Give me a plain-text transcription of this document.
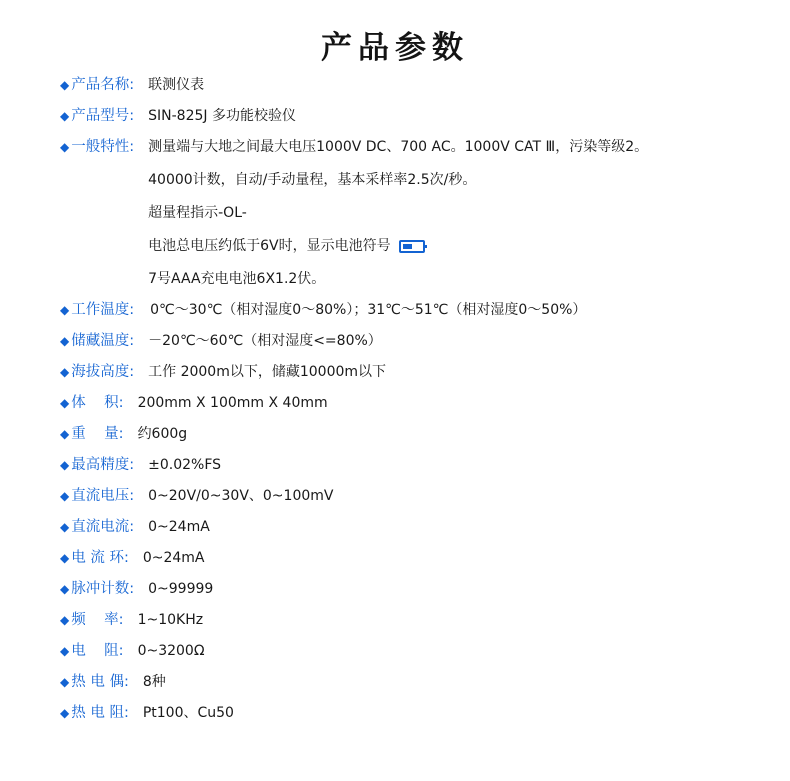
产品参数
◆ 产品名称: 联测仪表
◆ 产品型号: SIN-825J 多功能校验仪
◆ 一般特性: 测量端与大地之间最大电压1000V DC、700 AC。1000V CAT Ⅲ，污染等级2。
40000计数，自动/手动量程，基本采样率2.5次/秒。
超量程指示-OL-
电池总电压约低于6V时，显示电池符号
7号AAA充电电池6X1.2伏。
◆ 工作温度: 0℃～30℃（相对湿度0～80%）；31℃～51℃（相对湿度0～50%）
◆ 储藏温度: －20℃～60℃（相对湿度<=80%）
◆ 海拔高度: 工作 2000m以下，储藏10000m以下
◆ 体    积: 200mm X 100mm X 40mm
◆ 重    量: 约600g
◆ 最高精度: ±0.02%FS
◆ 直流电压: 0~20V/0~30V、0~100mV
◆ 直流电流: 0~24mA
◆ 电 流 环: 0~24mA
◆ 脉冲计数: 0~99999
◆ 频    率: 1~10KHz
◆ 电    阻: 0~3200Ω
◆ 热 电 偶: 8种
◆ 热 电 阻: Pt100、Cu50
